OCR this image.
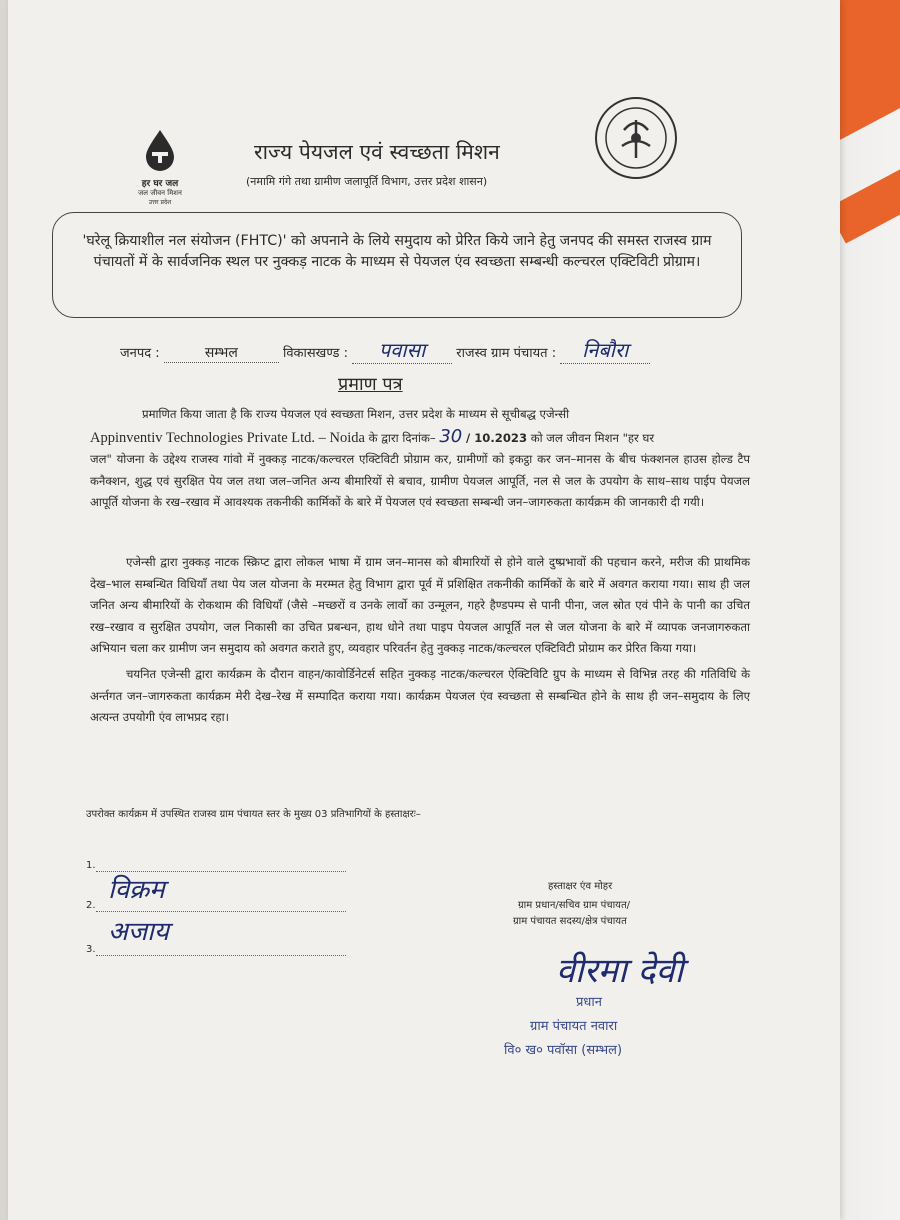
हर घर जल
जल जीवन मिशन
उत्तर प्रदेश
राज्य पेयजल एवं स्वच्छता मिशन
(नमामि गंगे तथा ग्रामीण जलापूर्ति विभाग, उत्तर प्रदेश शासन)
'घरेलू क्रियाशील नल संयोजन (FHTC)' को अपनाने के लिये समुदाय को प्रेरित किये जाने हेतु जनपद की समस्त राजस्व ग्राम पंचायतों में के सार्वजनिक स्थल पर नुक्कड़ नाटक के माध्यम से पेयजल एंव स्वच्छता सम्बन्धी कल्चरल एक्टिविटी प्रोग्राम।
जनपद :	सम्भल	विकासखण्ड : पवासा राजस्व ग्राम पंचायत : निबौरा
प्रमाण पत्र
प्रमाणित किया जाता है कि राज्य पेयजल एवं स्वच्छता मिशन, उत्तर प्रदेश के माध्यम से सूचीबद्ध एजेन्सी
Appinventiv Technologies Private Ltd. – Noida के द्वारा दिनांक– 30 / 10.2023 को जल जीवन मिशन "हर घर
जल" योजना के उद्देश्य राजस्व गांवो में नुक्कड़ नाटक/कल्चरल एक्टिविटी प्रोग्राम कर, ग्रामीणों को इकट्ठा कर जन–मानस के बीच फंक्शनल हाउस होल्ड टैप कनैक्शन, शुद्ध एवं सुरक्षित पेय जल तथा जल–जनित अन्य बीमारियों से बचाव, ग्रामीण पेयजल आपूर्ति, नल से जल के उपयोग के साथ–साथ पाईप पेयजल आपूर्ति योजना के रख–रखाव में आवश्यक तकनीकी कार्मिकों के बारे में पेयजल एवं स्वच्छता सम्बन्धी जन–जागरुकता कार्यक्रम की जानकारी दी गयी।
एजेन्सी द्वारा नुक्कड़ नाटक स्क्रिप्ट द्वारा लोकल भाषा में ग्राम जन–मानस को बीमारियों से होने वाले दुष्प्रभावों की पहचान करने, मरीज की प्राथमिक देख–भाल सम्बन्धित विधियाँ तथा पेय जल योजना के मरम्मत हेतु विभाग द्वारा पूर्व में प्रशिक्षित तकनीकी कार्मिकों के बारे में अवगत कराया गया। साथ ही जल जनित अन्य बीमारियों के रोकथाम की विधियाँ (जैसे –मच्छरों व उनके लार्वो का उन्मूलन, गहरे हैण्डपम्प से पानी पीना, जल स्रोत एवं पीने के पानी का उचित रख–रखाव व सुरक्षित उपयोग, जल निकासी का उचित प्रबन्धन, हाथ धोने तथा पाइप पेयजल आपूर्ति नल से जल योजना के बारे में व्यापक जनजागरुकता अभियान चला कर ग्रामीण जन समुदाय को अवगत कराते हुए, व्यवहार परिवर्तन हेतु नुक्कड़ नाटक/कल्चरल एक्टिविटी प्रोग्राम कर प्रेरित किया गया।
चयनित एजेन्सी द्वारा कार्यक्रम के दौरान वाहन/कावोर्डिनेटर्स सहित नुक्कड़ नाटक/कल्चरल ऐक्टिविटि ग्रुप के माध्यम से विभिन्न तरह की गतिविधि के अर्न्तगत जन–जागरुकता कार्यक्रम मेरी देख–रेख में सम्पादित कराया गया। कार्यक्रम पेयजल एंव स्वच्छता से सम्बन्धित होने के साथ ही जन–समुदाय के लिए अत्यन्त उपयोगी एंव लाभप्रद रहा।
उपरोक्त कार्यक्रम में उपस्थित राजस्व ग्राम पंचायत स्तर के मुख्य 03 प्रतिभागियों के हस्ताक्षरः–
1.
2.
3.
विक्रम
अजाय
हस्ताक्षर एंव मोहर
ग्राम प्रधान/सचिव ग्राम पंचायत/
ग्राम पंचायत सदस्य/क्षेत्र पंचायत
वीरमा देवी
प्रधान
ग्राम पंचायत नवारा
वि० ख० पवॉसा (सम्भल)
